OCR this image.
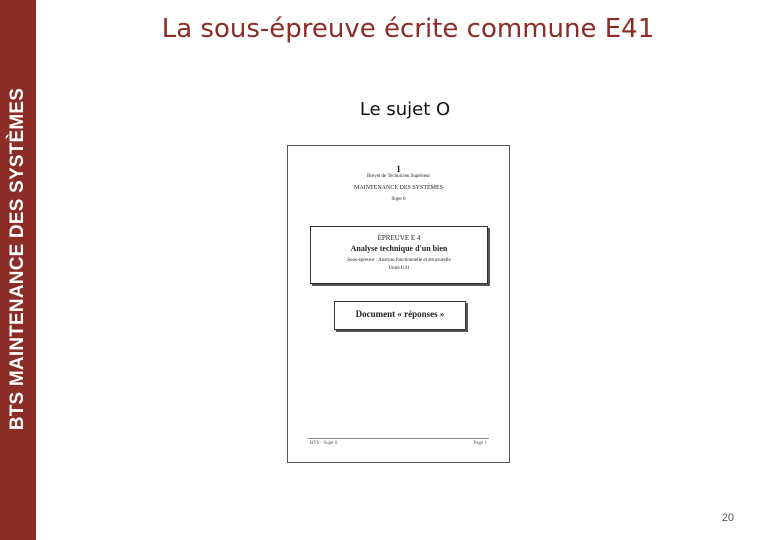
BTS MAINTENANCE DES SYSTÈMES
La sous-épreuve écrite commune E41
Le sujet O
1
Brevet de Technicien Supérieur
MAINTENANCE DES SYSTÈMES
Sujet 0
ÉPREUVE E 4
Analyse technique d'un bien
Sous-épreuve : Analyse fonctionnelle et structurelle
Unité U41
Document « réponses »
BTS - Sujet 0	Page 1
20
